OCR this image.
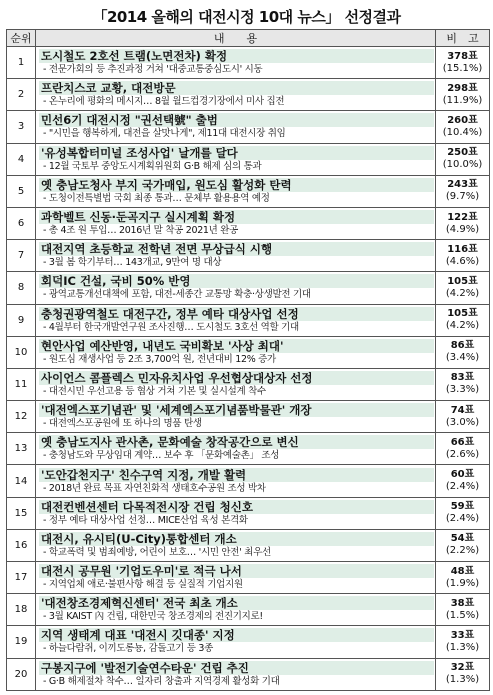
「2014 올해의 대전시정 10대 뉴스」 선정결과
순위	내　　용	비　고
1	도시철도 2호선 트램(노면전차) 확정
- 전문가회의 등 추진과정 거쳐 '대중교통중심도시' 시동	378표
(15.1%)

2	프란치스코 교황, 대전방문
- 온누리에 평화의 메시지… 8월 월드컵경기장에서 미사 집전	298표
(11.9%)

3	민선6기 대전시정 "권선택號" 출범
- "시민을 행복하게, 대전을 살맛나게", 제11대 대전시장 취임	260표
(10.4%)

4	'유성복합터미널 조성사업' 날개를 달다
- 12월 국토부 중앙도시계획위원회 G·B 해제 심의 통과	250표
(10.0%)

5	옛 충남도청사 부지 국가매입, 원도심 활성화 탄력
- 도청이전특별법 국회 최종 통과… 문체부 활용용역 예정	243표
(9.7%)

6	과학벨트 신동·둔곡지구 실시계획 확정
- 총 4조 원 투입… 2016년 말 착공 2021년 완공	122표
(4.9%)

7	대전지역 초등학교 전학년 전면 무상급식 시행
- 3월 봄 학기부터… 143개교, 9만여 명 대상	116표
(4.6%)

8	회덕IC 건설, 국비 50% 반영
- 광역교통개선대책에 포함, 대전-세종간 교통망 확충·상생발전 기대	105표
(4.2%)

9	충청권광역철도 대전구간, 정부 예타 대상사업 선정
- 4월부터 한국개발연구원 조사진행… 도시철도 3호선 역할 기대	105표
(4.2%)

10	현안사업 예산반영, 내년도 국비확보 '사상 최대'
- 원도심 재생사업 등 2조 3,700억 원, 전년대비 12% 증가	86표
(3.4%)

11	사이언스 콤플렉스 민자유치사업 우선협상대상자 선정
- 대전시민 우선고용 등 협상 거쳐 기본 및 실시설계 착수	83표
(3.3%)

12	'대전엑스포기념관' 및 '세계엑스포기념품박물관' 개장
- 대전엑스포공원에 또 하나의 명품 탄생	74표
(3.0%)

13	옛 충남도지사 관사촌, 문화예술 창작공간으로 변신
- 충청남도와 무상임대 계약… 보수 후 「문화예술촌」 조성	66표
(2.6%)

14	'도안갑천지구' 친수구역 지정, 개발 활력
- 2018년 완료 목표 자연친화적 생태호수공원 조성 박차	60표
(2.4%)

15	대전컨벤션센터 다목적전시장 건립 청신호
- 정부 예타 대상사업 선정… MICE산업 육성 본격화	59표
(2.4%)

16	대전시, 유시티(U-City)통합센터 개소
- 학교폭력 및 범죄예방, 어린이 보호… '시민 안전' 최우선	54표
(2.2%)

17	대전시 공무원 '기업도우미'로 적극 나서
- 지역업체 애로·불편사항 해결 등 실질적 기업지원	48표
(1.9%)

18	'대전창조경제혁신센터' 전국 최초 개소
- 3월 KAIST 內 건립, 대한민국 창조경제의 전진기지로!	38표
(1.5%)

19	지역 생태계 대표 '대전시 깃대종' 지정
- 하늘다람쥐, 이끼도롱뇽, 감돌고기 등 3종	33표
(1.3%)

20	구봉지구에 '발전기술연수타운' 건립 추진
- G·B 해제절차 착수… 일자리 창출과 지역경제 활성화 기대	32표
(1.3%)
